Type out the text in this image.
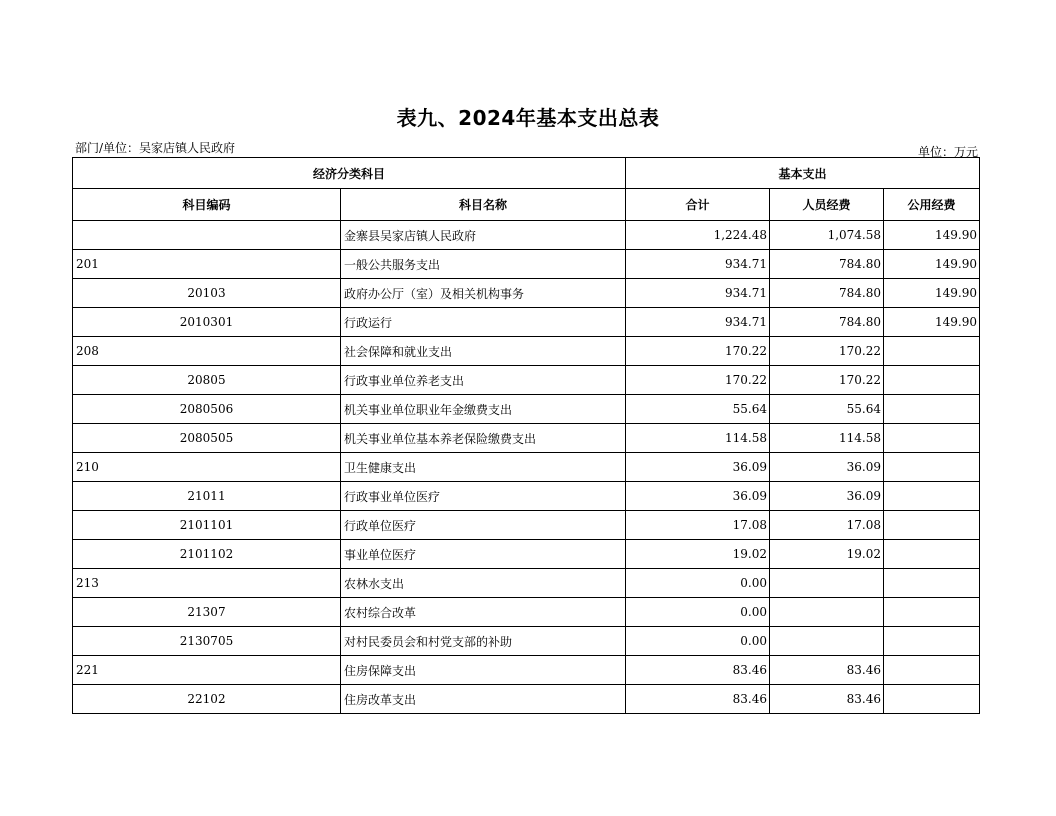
表九、2024年基本支出总表
部门/单位：吴家店镇人民政府	单位：万元
经济分类科目		基本支出		
科目编码	科目名称	合计	人员经费	公用经费
	金寨县吴家店镇人民政府	1,224.48	1,074.58	149.90
201	一般公共服务支出	934.71	784.80	149.90
20103	政府办公厅（室）及相关机构事务	934.71	784.80	149.90
2010301	行政运行	934.71	784.80	149.90
208	社会保障和就业支出	170.22	170.22	
20805	行政事业单位养老支出	170.22	170.22	
2080506	机关事业单位职业年金缴费支出	55.64	55.64	
2080505	机关事业单位基本养老保险缴费支出	114.58	114.58	
210	卫生健康支出	36.09	36.09	
21011	行政事业单位医疗	36.09	36.09	
2101101	行政单位医疗	17.08	17.08	
2101102	事业单位医疗	19.02	19.02	
213	农林水支出	0.00		
21307	农村综合改革	0.00		
2130705	对村民委员会和村党支部的补助	0.00		
221	住房保障支出	83.46	83.46	
22102	住房改革支出	83.46	83.46	
